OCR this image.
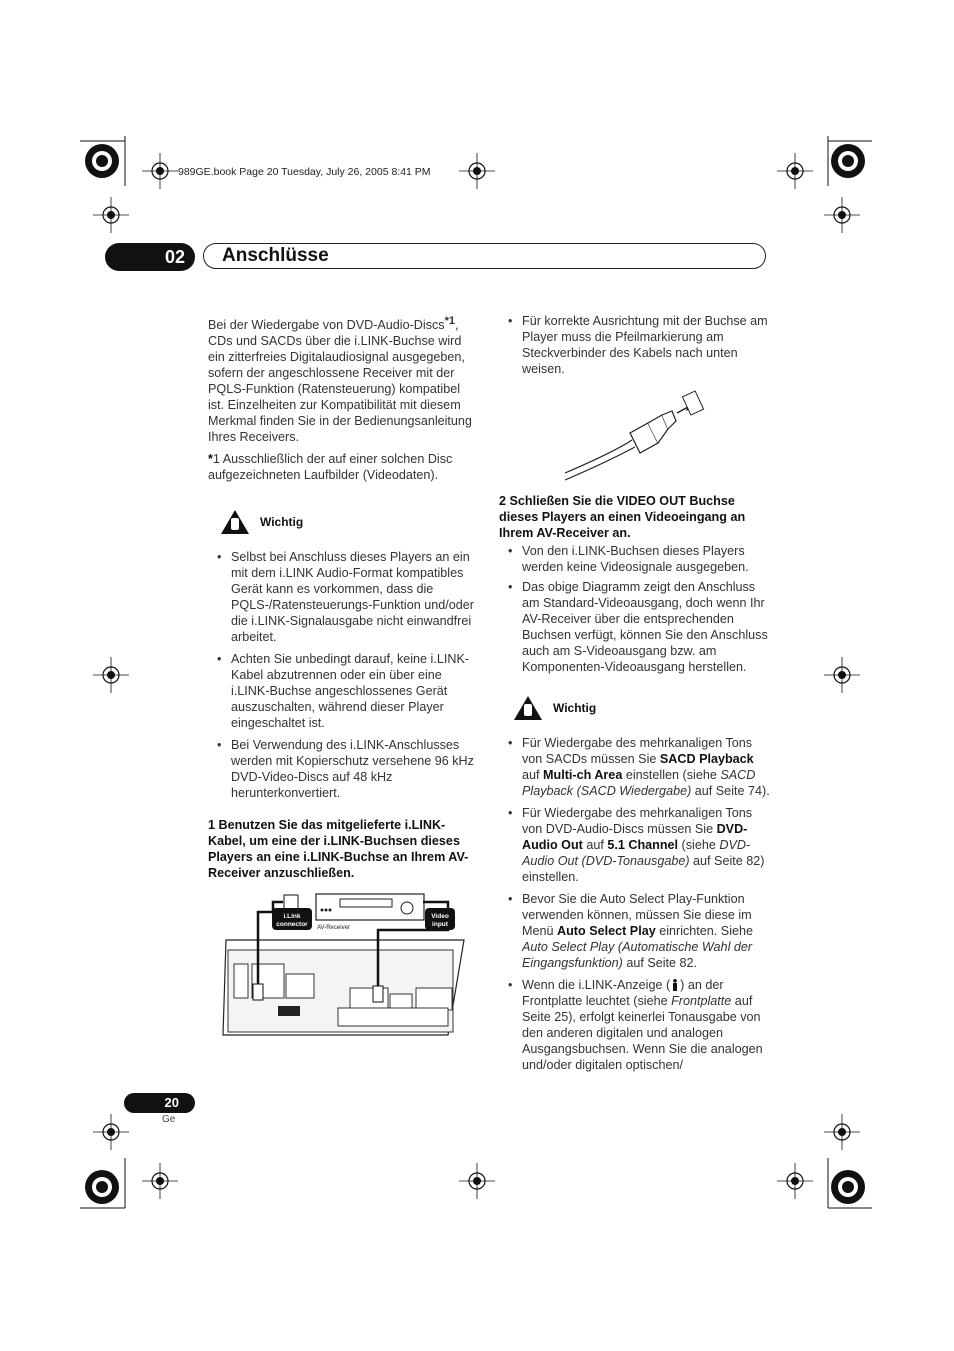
989GE.book Page 20 Tuesday, July 26, 2005 8:41 PM
02	Anschlüsse

Bei der Wiedergabe von DVD-Audio-Discs$^{*1}$, CDs und SACDs über die i.LINK-Buchse wird ein zitterfreies Digitalaudiosignal ausgegeben, sofern der angeschlossene Receiver mit der PQLS-Funktion (Ratensteuerung) kompatibel ist. Einzelheiten zur Kompatibilität mit diesem Merkmal finden Sie in der Bedienungsanleitung Ihres Receivers.

*1 Ausschließlich der auf einer solchen Disc aufgezeichneten Laufbilder (Videodaten).

Wichtig

• Selbst bei Anschluss dieses Players an ein mit dem i.LINK Audio-Format kompatibles Gerät kann es vorkommen, dass die PQLS-/Ratensteuerungs-Funktion und/oder die i.LINK-Signalausgabe nicht einwandfrei arbeitet.

• Achten Sie unbedingt darauf, keine i.LINK-Kabel abzutrennen oder ein über eine i.LINK-Buchse angeschlossenes Gerät auszuschalten, während dieser Player eingeschaltet ist.

• Bei Verwendung des i.LINK-Anschlusses werden mit Kopierschutz versehene 96 kHz DVD-Video-Discs auf 48 kHz herunterkonvertiert.

1 Benutzen Sie das mitgelieferte i.LINK-Kabel, um eine der i.LINK-Buchsen dieses Players an eine i.LINK-Buchse an Ihrem AV-Receiver anzuschließen.

i.Link
connector AV-Receiver
Video
input

• Für korrekte Ausrichtung mit der Buchse am Player muss die Pfeilmarkierung am Steckverbinder des Kabels nach unten weisen.

2 Schließen Sie die VIDEO OUT Buchse dieses Players an einen Videoeingang an Ihrem AV-Receiver an.

• Von den i.LINK-Buchsen dieses Players werden keine Videosignale ausgegeben.

• Das obige Diagramm zeigt den Anschluss am Standard-Videoausgang, doch wenn Ihr AV-Receiver über die entsprechenden Buchsen verfügt, können Sie den Anschluss auch am S-Videoausgang bzw. am Komponenten-Videoausgang herstellen.

Wichtig

• Für Wiedergabe des mehrkanaligen Tons von SACDs müssen Sie SACD Playback auf Multi-ch Area einstellen (siehe SACD Playback (SACD Wiedergabe) auf Seite 74).

• Für Wiedergabe des mehrkanaligen Tons von DVD-Audio-Discs müssen Sie DVD-Audio Out auf 5.1 Channel (siehe DVD-Audio Out (DVD-Tonausgabe) auf Seite 82) einstellen.

• Bevor Sie die Auto Select Play-Funktion verwenden können, müssen Sie diese im Menü Auto Select Play einrichten. Siehe Auto Select Play (Automatische Wahl der Eingangsfunktion) auf Seite 82.

• Wenn die i.LINK-Anzeige ( ) an der Frontplatte leuchtet (siehe Frontplatte auf Seite 25), erfolgt keinerlei Tonausgabe von den anderen digitalen und analogen Ausgangsbuchsen. Wenn Sie die analogen und/oder digitalen optischen/

20
Ge
